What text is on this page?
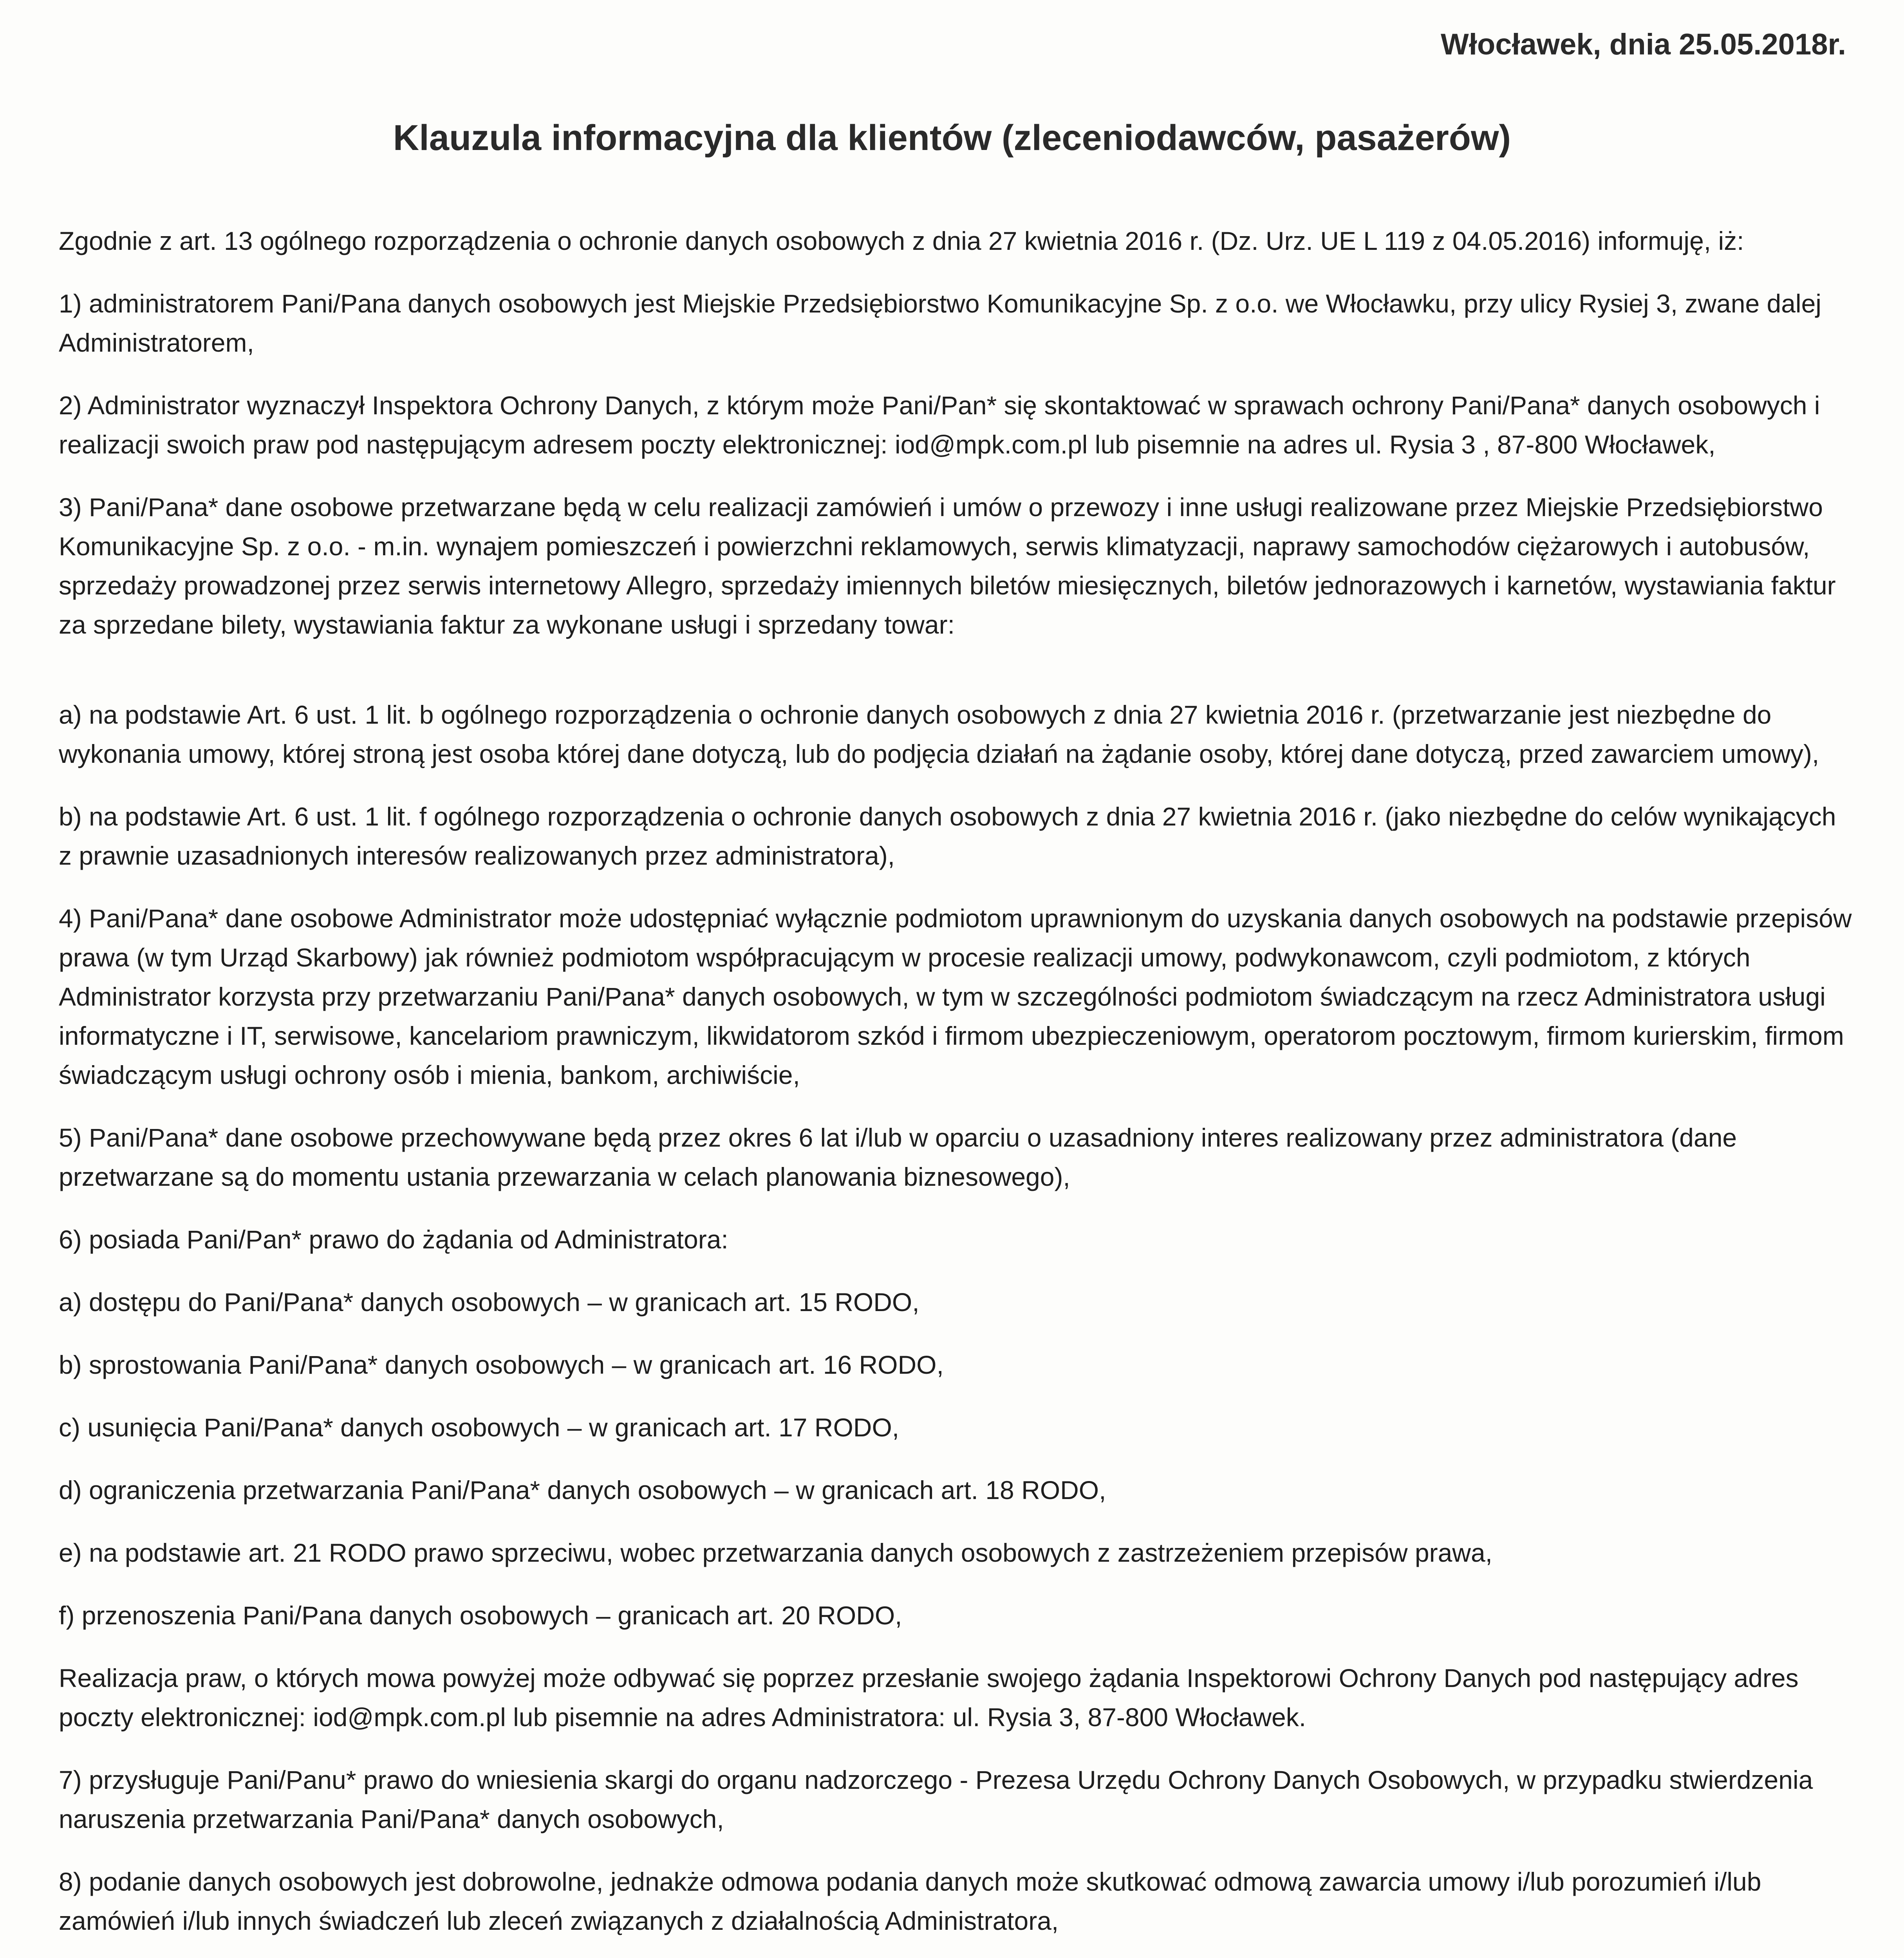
Włocławek, dnia 25.05.2018r.
Klauzula informacyjna dla klientów (zleceniodawców, pasażerów)

Zgodnie z art. 13 ogólnego rozporządzenia o ochronie danych osobowych z dnia 27 kwietnia 2016 r. (Dz. Urz. UE L 119 z 04.05.2016) informuję, iż:

1) administratorem Pani/Pana danych osobowych jest Miejskie Przedsiębiorstwo Komunikacyjne Sp. z o.o. we Włocławku, przy ulicy Rysiej 3, zwane dalej Administratorem,

2) Administrator wyznaczył Inspektora Ochrony Danych, z którym może Pani/Pan* się skontaktować w sprawach ochrony Pani/Pana* danych osobowych i realizacji swoich praw pod następującym adresem poczty elektronicznej: iod@mpk.com.pl lub pisemnie na adres ul. Rysia 3 , 87-800 Włocławek,

3) Pani/Pana* dane osobowe przetwarzane będą w celu realizacji zamówień i umów o przewozy i inne usługi realizowane przez Miejskie Przedsiębiorstwo Komunikacyjne Sp. z o.o. - m.in. wynajem pomieszczeń i powierzchni reklamowych, serwis klimatyzacji, naprawy samochodów ciężarowych i autobusów, sprzedaży prowadzonej przez serwis internetowy Allegro, sprzedaży imiennych biletów miesięcznych, biletów jednorazowych i karnetów, wystawiania faktur za sprzedane bilety, wystawiania faktur za wykonane usługi i sprzedany towar:

a) na podstawie Art. 6 ust. 1 lit. b ogólnego rozporządzenia o ochronie danych osobowych z dnia 27 kwietnia 2016 r. (przetwarzanie jest niezbędne do wykonania umowy, której stroną jest osoba której dane dotyczą, lub do podjęcia działań na żądanie osoby, której dane dotyczą, przed zawarciem umowy),

b) na podstawie Art. 6 ust. 1 lit. f ogólnego rozporządzenia o ochronie danych osobowych z dnia 27 kwietnia 2016 r. (jako niezbędne do celów wynikających z prawnie uzasadnionych interesów realizowanych przez administratora),

4) Pani/Pana* dane osobowe Administrator może udostępniać wyłącznie podmiotom uprawnionym do uzyskania danych osobowych na podstawie przepisów prawa (w tym Urząd Skarbowy) jak również podmiotom współpracującym w procesie realizacji umowy, podwykonawcom, czyli podmiotom, z których Administrator korzysta przy przetwarzaniu Pani/Pana* danych osobowych, w tym w szczególności podmiotom świadczącym na rzecz Administratora usługi informatyczne i IT, serwisowe, kancelariom prawniczym, likwidatorom szkód i firmom ubezpieczeniowym, operatorom pocztowym, firmom kurierskim, firmom świadczącym usługi ochrony osób i mienia, bankom, archiwiście,

5) Pani/Pana* dane osobowe przechowywane będą przez okres 6 lat i/lub w oparciu o uzasadniony interes realizowany przez administratora (dane przetwarzane są do momentu ustania przewarzania w celach planowania biznesowego),

6) posiada Pani/Pan* prawo do żądania od Administratora:

a) dostępu do Pani/Pana* danych osobowych – w granicach art. 15 RODO,

b) sprostowania Pani/Pana* danych osobowych – w granicach art. 16 RODO,

c) usunięcia Pani/Pana* danych osobowych – w granicach art. 17 RODO,

d) ograniczenia przetwarzania Pani/Pana* danych osobowych – w granicach art. 18 RODO,

e) na podstawie art. 21 RODO prawo sprzeciwu, wobec przetwarzania danych osobowych z zastrzeżeniem przepisów prawa,

f) przenoszenia Pani/Pana danych osobowych – granicach art. 20 RODO,

Realizacja praw, o których mowa powyżej może odbywać się poprzez przesłanie swojego żądania Inspektorowi Ochrony Danych pod następujący adres poczty elektronicznej: iod@mpk.com.pl lub pisemnie na adres Administratora: ul. Rysia 3, 87-800 Włocławek.

7) przysługuje Pani/Panu* prawo do wniesienia skargi do organu nadzorczego - Prezesa Urzędu Ochrony Danych Osobowych, w przypadku stwierdzenia naruszenia przetwarzania Pani/Pana* danych osobowych,

8) podanie danych osobowych jest dobrowolne, jednakże odmowa podania danych może skutkować odmową zawarcia umowy i/lub porozumień i/lub zamówień i/lub innych świadczeń lub zleceń związanych z działalnością Administratora,
